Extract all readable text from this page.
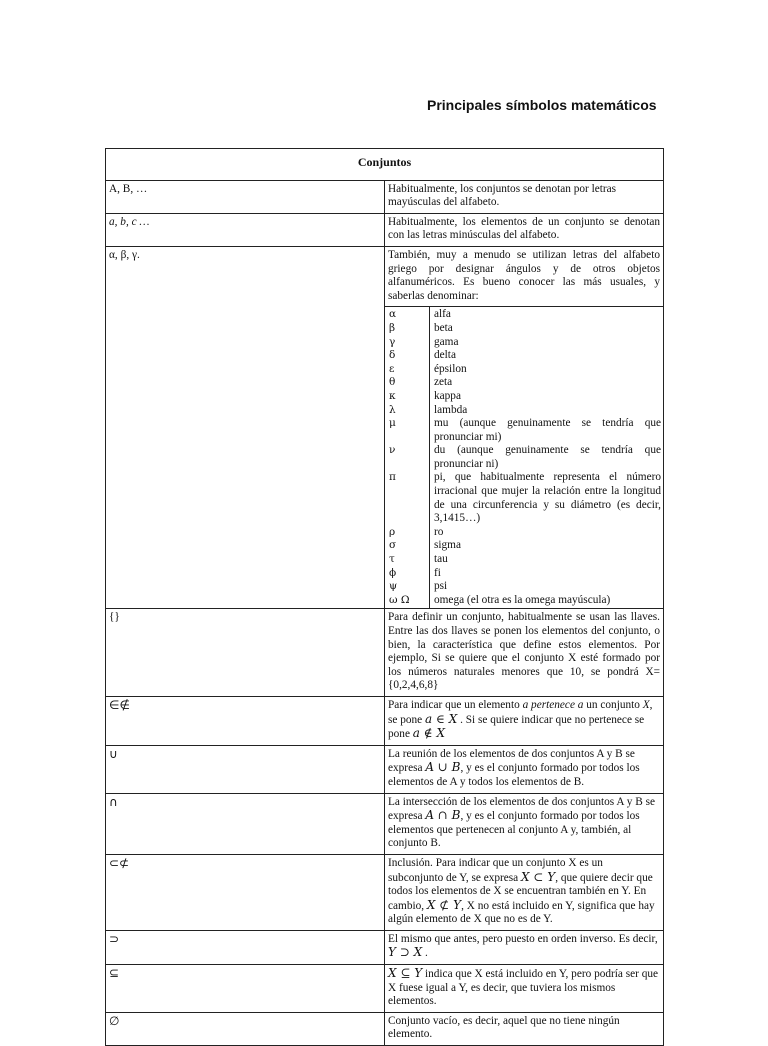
Principales símbolos matemáticos
Conjuntos
A, B, …	Habitualmente, los conjuntos se denotan por letras mayúsculas del alfabeto.
a, b, c …	Habitualmente, los elementos de un conjunto se denotan con las letras minúsculas del alfabeto.
α, β, γ.	También, muy a menudo se utilizan letras del alfabeto griego por designar ángulos y de otros objetos alfanuméricos. Es bueno conocer las más usuales, y saberlas denominar:
α	alfa
β	beta
γ	gama
δ	delta
ε	épsilon
θ	zeta
κ	kappa
λ	lambda
μ	mu (aunque genuinamente se tendría que pronunciar mi)
ν	du (aunque genuinamente se tendría que pronunciar ni)
π	pi, que habitualmente representa el número irracional que mujer la relación entre la longitud de una circunferencia y su diámetro (es decir, 3,1415…)
ρ	ro
σ	sigma
τ	tau
ϕ	fi
ψ	psi
ω Ω	omega (el otra es la omega mayúscula)

{}	Para definir un conjunto, habitualmente se usan las llaves. Entre las dos llaves se ponen los elementos del conjunto, o bien, la característica que define estos elementos. Por ejemplo, Si se quiere que el conjunto X esté formado por los números naturales menores que 10, se pondrá X={0,2,4,6,8}
∈∉	Para indicar que un elemento a pertenece a un conjunto X, se pone a ∈ X . Si se quiere indicar que no pertenece se pone a ∉ X
∪	La reunión de los elementos de dos conjuntos A y B se expresa A ∪ B, y es el conjunto formado por todos los elementos de A y todos los elementos de B.
∩	La intersección de los elementos de dos conjuntos A y B se expresa A ∩ B, y es el conjunto formado por todos los elementos que pertenecen al conjunto A y, también, al conjunto B.
⊂⊄	Inclusión. Para indicar que un conjunto X es un subconjunto de Y, se expresa X ⊂ Y, que quiere decir que todos los elementos de X se encuentran también en Y. En cambio, X ⊄ Y, X no está incluido en Y, significa que hay algún elemento de X que no es de Y.
⊃	El mismo que antes, pero puesto en orden inverso. Es decir, Y ⊃ X .
⊆	X ⊆ Y indica que X está incluido en Y, pero podría ser que X fuese igual a Y, es decir, que tuviera los mismos elementos.
∅	Conjunto vacío, es decir, aquel que no tiene ningún elemento.
